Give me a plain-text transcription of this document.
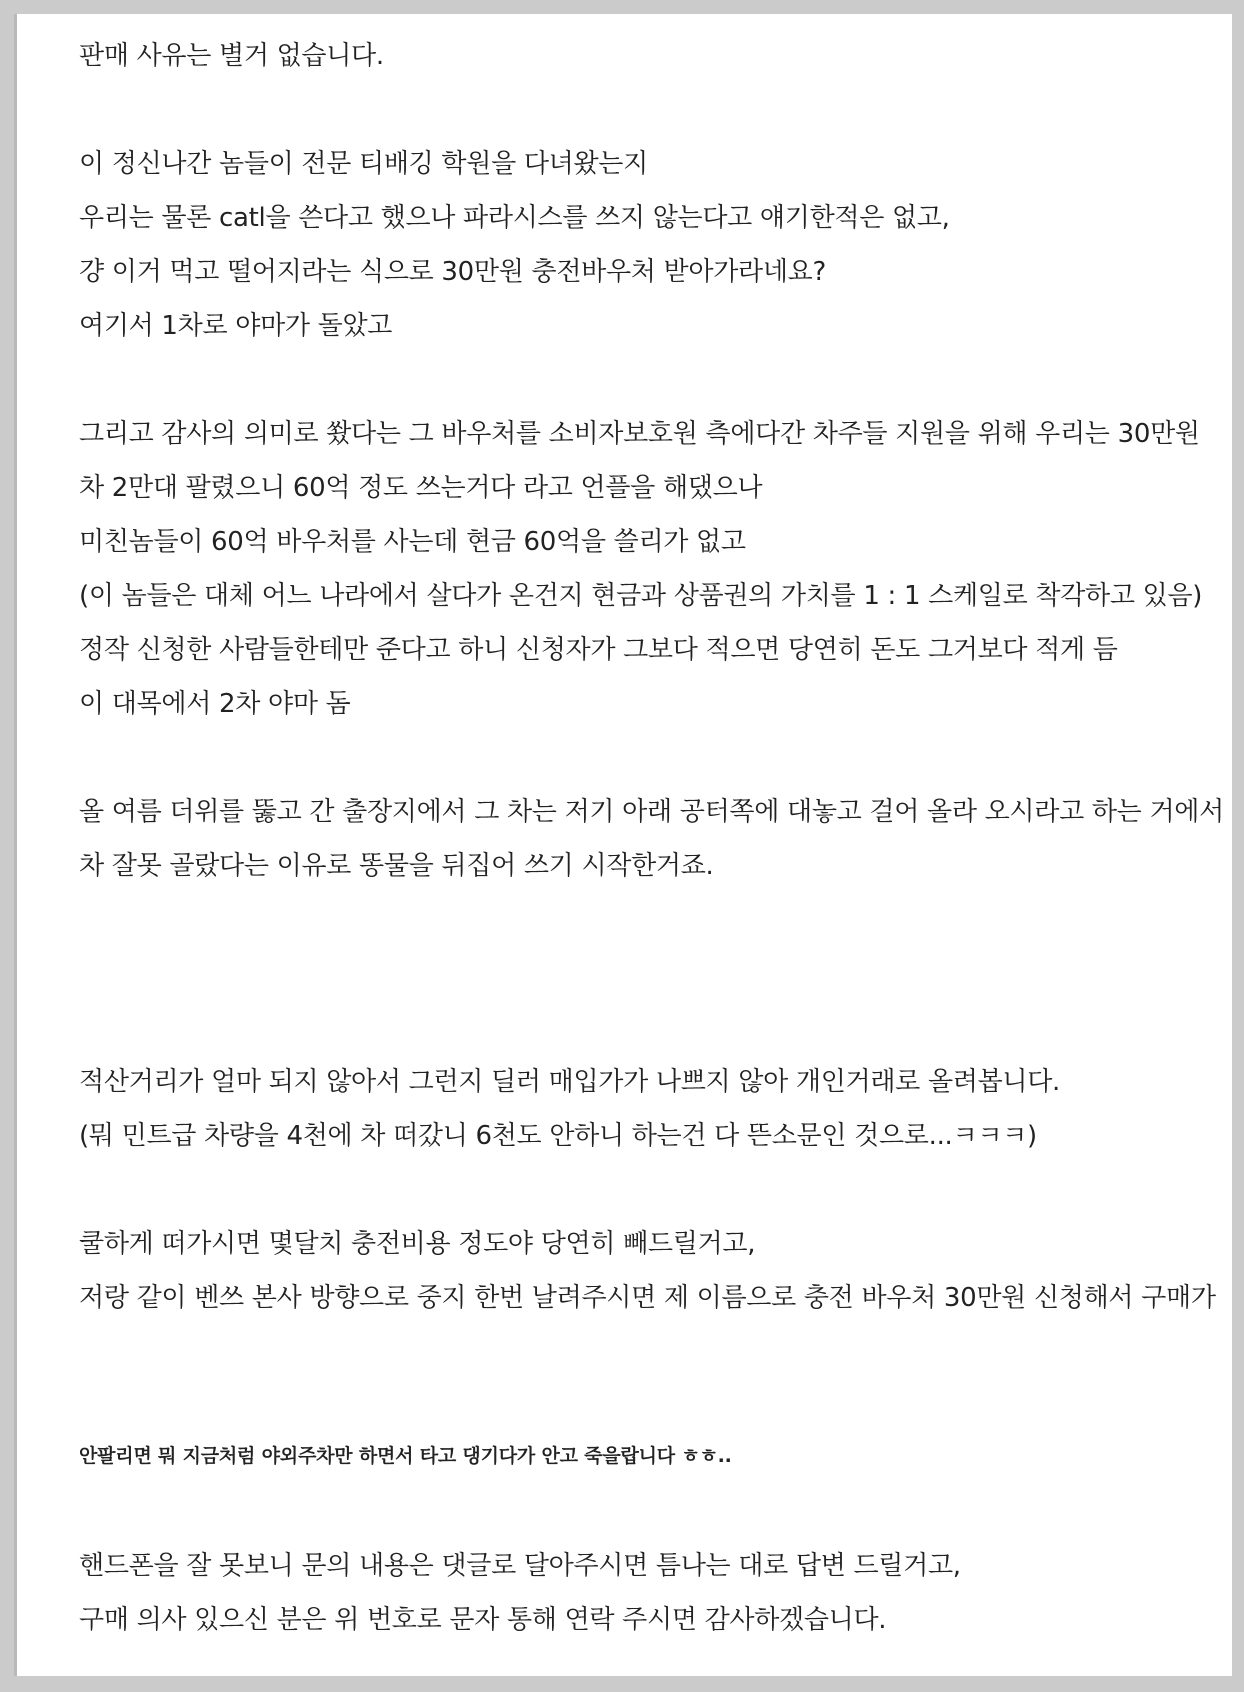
판매 사유는 별거 없습니다.
이 정신나간 놈들이 전문 티배깅 학원을 다녀왔는지
우리는 물론 catl을 쓴다고 했으나 파라시스를 쓰지 않는다고 얘기한적은 없고,
걍 이거 먹고 떨어지라는 식으로 30만원 충전바우처 받아가라네요?
여기서 1차로 야마가 돌았고
그리고 감사의 의미로 쐈다는 그 바우처를 소비자보호원 측에다간 차주들 지원을 위해 우리는 30만원
차 2만대 팔렸으니 60억 정도 쓰는거다 라고 언플을 해댔으나
미친놈들이 60억 바우처를 사는데 현금 60억을 쓸리가 없고
(이 놈들은 대체 어느 나라에서 살다가 온건지 현금과 상품권의 가치를 1 : 1 스케일로 착각하고 있음)
정작 신청한 사람들한테만 준다고 하니 신청자가 그보다 적으면 당연히 돈도 그거보다 적게 듬
이 대목에서 2차 야마 돔
올 여름 더위를 뚫고 간 출장지에서 그 차는 저기 아래 공터쪽에 대놓고 걸어 올라 오시라고 하는 거에서
차 잘못 골랐다는 이유로 똥물을 뒤집어 쓰기 시작한거죠.
적산거리가 얼마 되지 않아서 그런지 딜러 매입가가 나쁘지 않아 개인거래로 올려봅니다.
(뭐 민트급 차량을 4천에 차 떠갔니 6천도 안하니 하는건 다 뜬소문인 것으로...ㅋㅋㅋ)
쿨하게 떠가시면 몇달치 충전비용 정도야 당연히 빼드릴거고,
저랑 같이 벤쓰 본사 방향으로 중지 한번 날려주시면 제 이름으로 충전 바우처 30만원 신청해서 구매가
안팔리면 뭐 지금처럼 야외주차만 하면서 타고 댕기다가 안고 죽을랍니다 ㅎㅎ..
핸드폰을 잘 못보니 문의 내용은 댓글로 달아주시면 틈나는 대로 답변 드릴거고,
구매 의사 있으신 분은 위 번호로 문자 통해 연락 주시면 감사하겠습니다.
